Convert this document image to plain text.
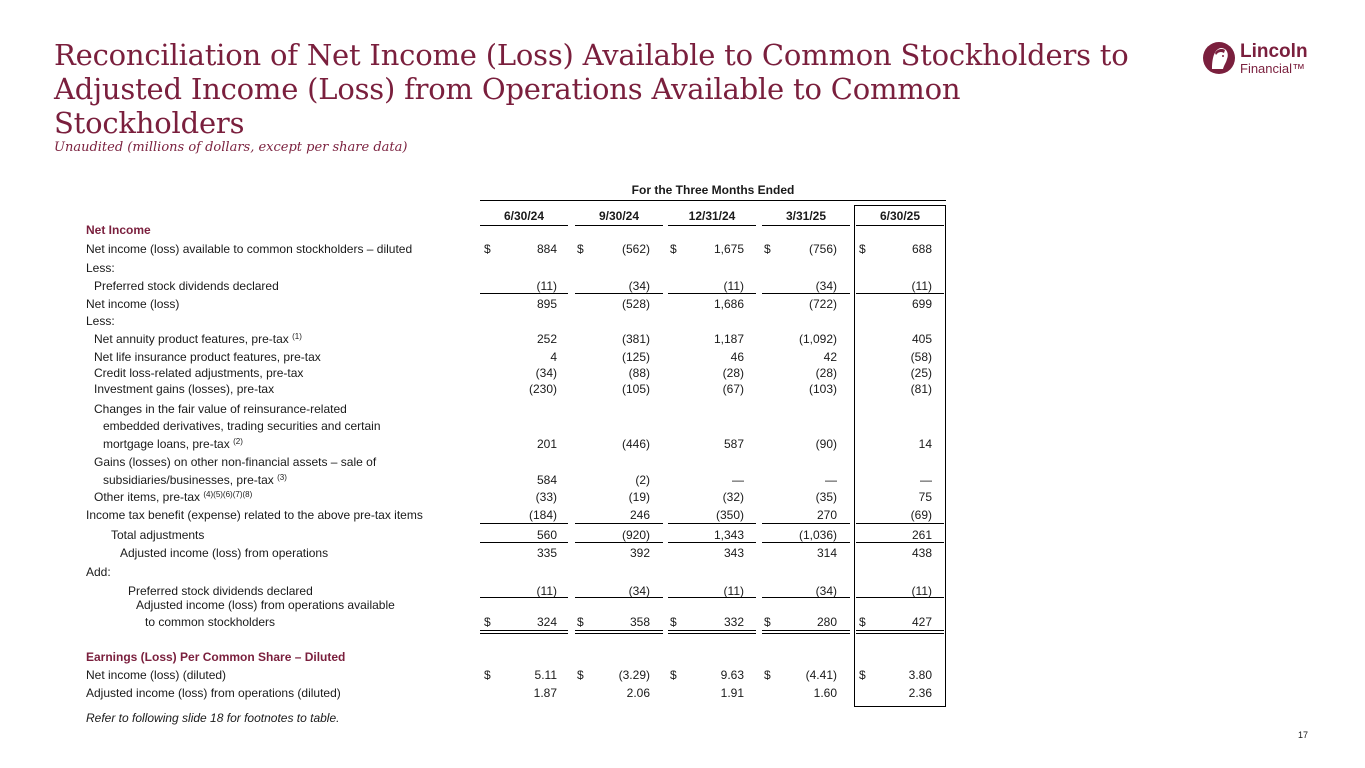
Reconciliation of Net Income (Loss) Available to Common Stockholders to Adjusted Income (Loss) from Operations Available to Common Stockholders
Unaudited (millions of dollars, except per share data)
Lincoln
Financial™
For the Three Months Ended
Net Income
Net income (loss) available to common stockholders – diluted	$	884 $	(562) $	1,675 $	(756) $	688
Less:
Preferred stock dividends declared	(11)	(34)	(11)	(34)	(11)
Net income (loss)	895	(528)	1,686	(722)	699
Less:
Net annuity product features, pre-tax $^{(1)}$	252	(381)	1,187	(1,092)	405
Net life insurance product features, pre-tax	4	(125)	46	42	(58)
Credit loss-related adjustments, pre-tax	(34)	(88)	(28)	(28)	(25)
Investment gains (losses), pre-tax	(230)	(105)	(67)	(103)	(81)
Changes in the fair value of reinsurance-related
embedded derivatives, trading securities and certain
mortgage loans, pre-tax $^{(2)}$	201	(446)	587	(90)	14
Gains (losses) on other non-financial assets – sale of
subsidiaries/businesses, pre-tax $^{(3)}$	584	(2)	—	—	—
Other items, pre-tax $^{(4)(5)(6)(7)(8)}$	(33)	(19)	(32)	(35)	75
Income tax benefit (expense) related to the above pre-tax items	(184)	246	(350)	270	(69)
Total adjustments	560	(920)	1,343	(1,036)	261
Adjusted income (loss) from operations	335	392	343	314	438
Add:
Preferred stock dividends declared	(11)	(34)	(11)	(34)	(11)
Adjusted income (loss) from operations available
to common stockholders	$	324 $	358 $	332 $	280 $	427
Earnings (Loss) Per Common Share – Diluted
Net income (loss) (diluted)	$	5.11 $	(3.29) $	9.63 $	(4.41) $	3.80
Adjusted income (loss) from operations (diluted)	1.87	2.06	1.91	1.60	2.36
Refer to following slide 18 for footnotes to table.
17
6/30/24	9/30/24	12/31/24	3/31/25	6/30/25
